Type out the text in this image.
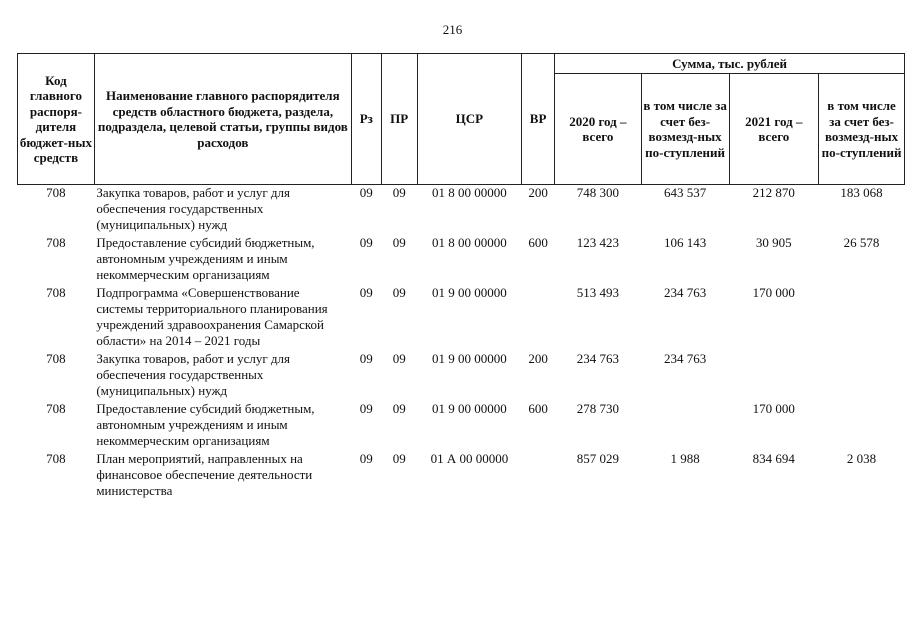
216
Код главного распоря-дителя бюджет-ных средств	Наименование главного распорядителя средств областного бюджета, раздела, подраздела, целевой статьи, группы видов расходов	Рз	ПР	ЦСР	ВР	Сумма, тыс. рублей			
						2020 год – всего	в том числе за счет без-возмезд-ных по-ступлений	2021 год – всего	в том числе за счет без-возмезд-ных по-ступлений
708	Закупка товаров, работ и услуг для обеспечения государственных (муниципальных) нужд	09	09	01 8 00 00000	200	748 300	643 537	212 870	183 068

708	Предоставление субсидий бюджетным, автономным учреждениям и иным некоммерческим организациям	09	09	01 8 00 00000	600	123 423	106 143	30 905	26 578

708	Подпрограмма «Совершенствование системы территориального планирования учреждений здравоохранения Самарской области» на 2014 – 2021 годы	09	09	01 9 00 00000		513 493	234 763	170 000	

708	Закупка товаров, работ и услуг для обеспечения государственных (муниципальных) нужд	09	09	01 9 00 00000	200	234 763	234 763		

708	Предоставление субсидий бюджетным, автономным учреждениям и иным некоммерческим организациям	09	09	01 9 00 00000	600	278 730		170 000	

708	План мероприятий, направленных на финансовое обеспечение деятельности министерства	09	09	01 А 00 00000		857 029	1 988	834 694	2 038
